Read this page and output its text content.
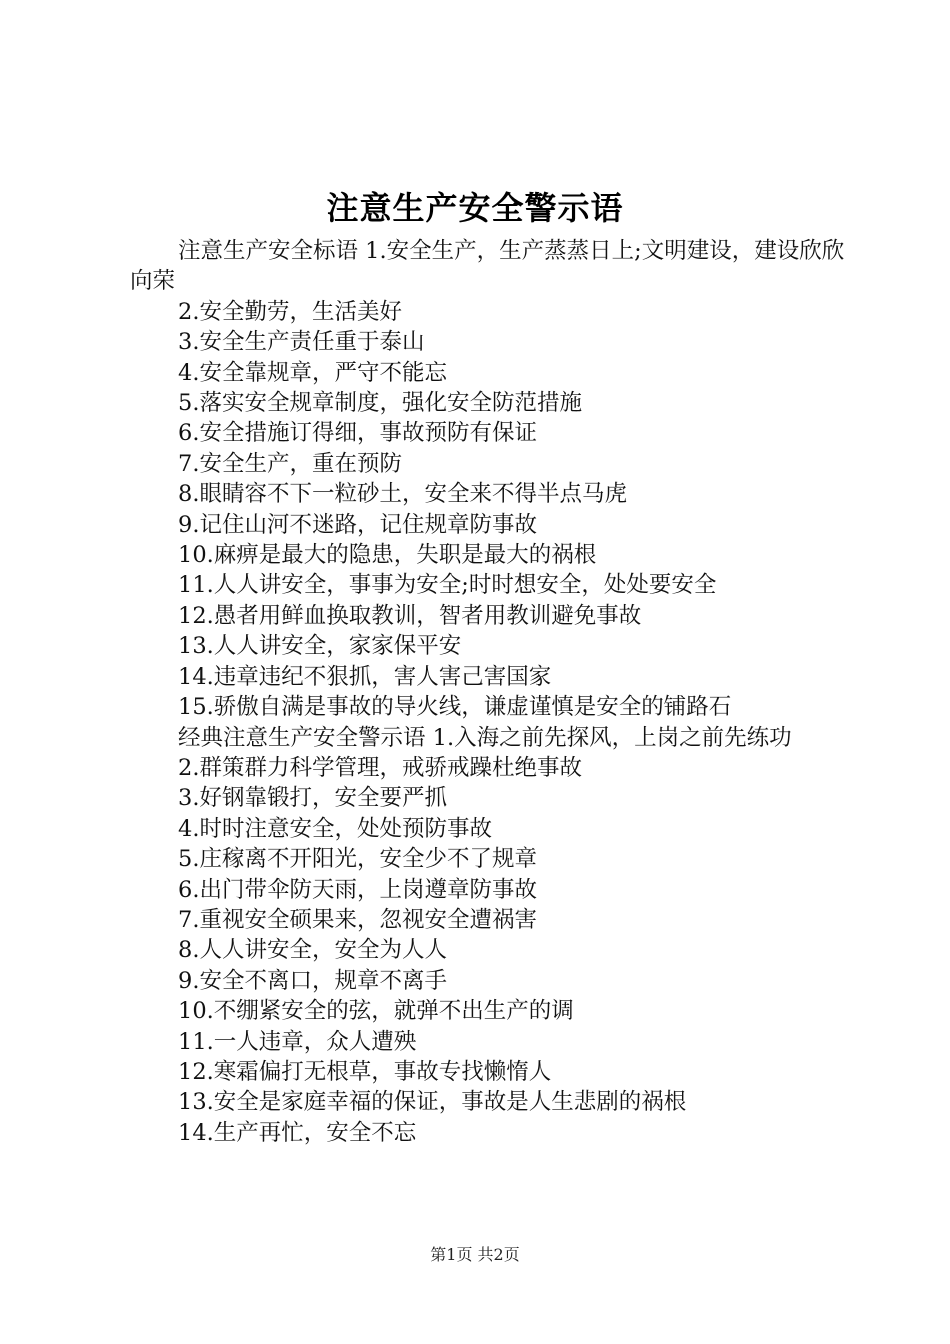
注意生产安全警示语

注意生产安全标语 1.安全生产，生产蒸蒸日上;文明建设，建设欣欣向荣

2.安全勤劳，生活美好

3.安全生产责任重于泰山

4.安全靠规章，严守不能忘

5.落实安全规章制度，强化安全防范措施

6.安全措施订得细，事故预防有保证

7.安全生产，重在预防

8.眼睛容不下一粒砂土，安全来不得半点马虎

9.记住山河不迷路，记住规章防事故

10.麻痹是最大的隐患，失职是最大的祸根

11.人人讲安全，事事为安全;时时想安全，处处要安全

12.愚者用鲜血换取教训，智者用教训避免事故

13.人人讲安全，家家保平安

14.违章违纪不狠抓，害人害己害国家

15.骄傲自满是事故的导火线，谦虚谨慎是安全的铺路石

经典注意生产安全警示语 1.入海之前先探风，上岗之前先练功

2.群策群力科学管理，戒骄戒躁杜绝事故

3.好钢靠锻打，安全要严抓

4.时时注意安全，处处预防事故

5.庄稼离不开阳光，安全少不了规章

6.出门带伞防天雨，上岗遵章防事故

7.重视安全硕果来，忽视安全遭祸害

8.人人讲安全，安全为人人

9.安全不离口，规章不离手

10.不绷紧安全的弦，就弹不出生产的调

11.一人违章，众人遭殃

12.寒霜偏打无根草，事故专找懒惰人

13.安全是家庭幸福的保证，事故是人生悲剧的祸根

14.生产再忙，安全不忘

第1页 共2页
